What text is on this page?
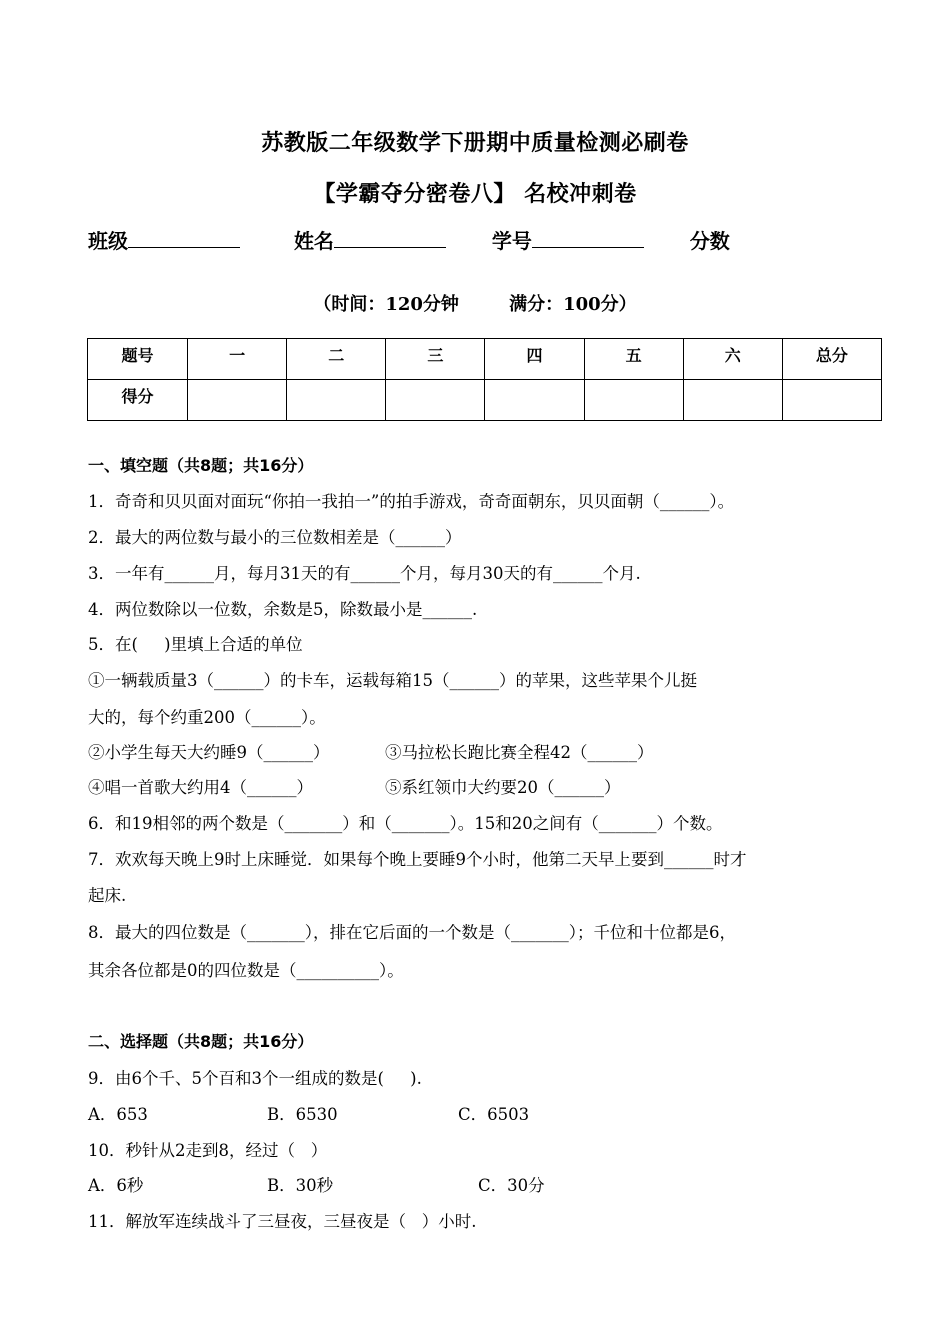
苏教版二年级数学下册期中质量检测必刷卷
【学霸夺分密卷八】 名校冲刺卷
班级	姓名	学号	分数
（时间：120分钟        满分：100分）
题号	一	二	三	四	五	六	总分

得分							

一、填空题（共8题；共16分）
1．奇奇和贝贝面对面玩“你拍一我拍一”的拍手游戏，奇奇面朝东，贝贝面朝（______）。
2．最大的两位数与最小的三位数相差是（______）
3．一年有______月，每月31天的有______个月，每月30天的有______个月.
4．两位数除以一位数，余数是5，除数最小是______.
5．在(     )里填上合适的单位
①一辆载质量3（______）的卡车，运载每箱15（______）的苹果，这些苹果个儿挺
大的，每个约重200（______）。
②小学生每天大约睡9（______）	③马拉松长跑比赛全程42（______）
④唱一首歌大约用4（______）	⑤系红领巾大约要20（______）
6．和19相邻的两个数是（_______）和（_______）。15和20之间有（_______）个数。
7．欢欢每天晚上9时上床睡觉．如果每个晚上要睡9个小时，他第二天早上要到______时才
起床.
8．最大的四位数是（_______），排在它后面的一个数是（_______）；千位和十位都是6，
其余各位都是0的四位数是（__________）。
二、选择题（共8题；共16分）
9．由6个千、5个百和3个一组成的数是(     ).
A．653	B．6530	C．6503
10．秒针从2走到8，经过（   ）
A．6秒	B．30秒	C．30分
11．解放军连续战斗了三昼夜，三昼夜是（   ）小时.
